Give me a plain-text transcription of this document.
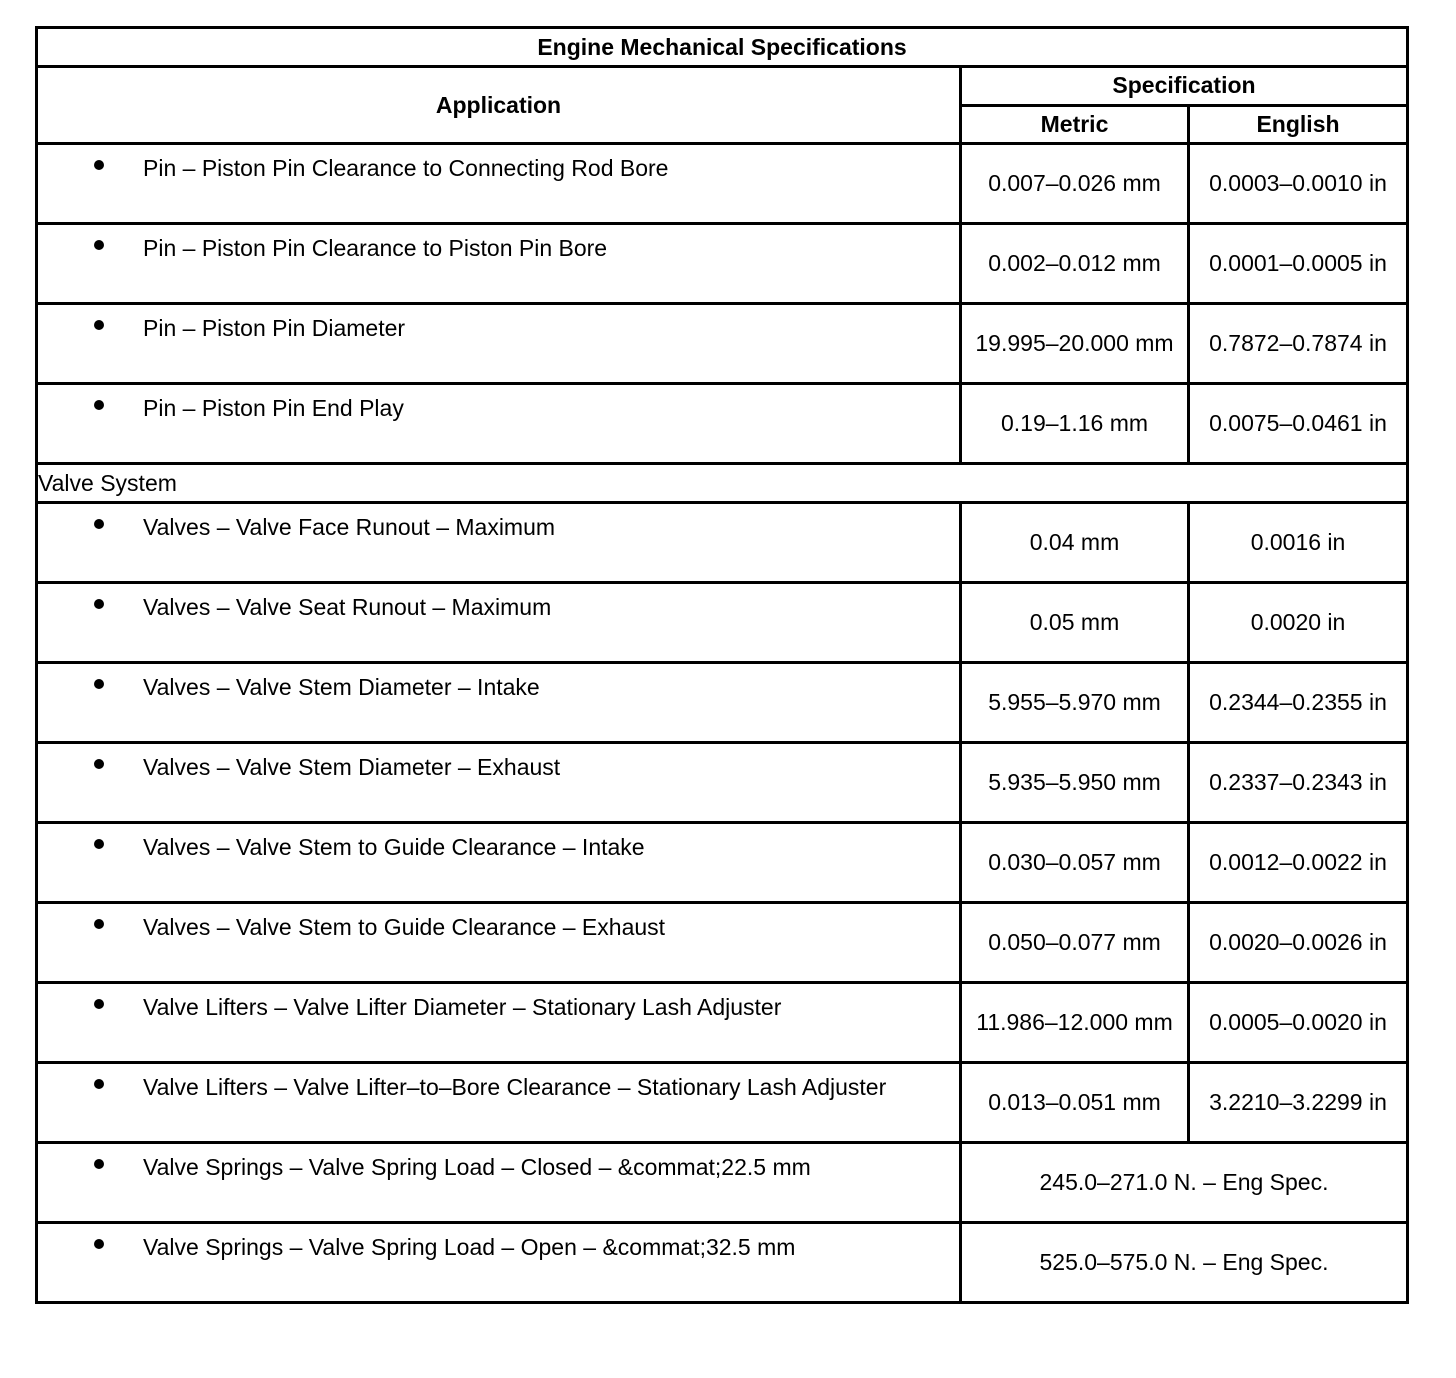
Engine Mechanical Specifications		
Application	Specification	
	Metric	English

Pin – Piston Pin Clearance to Connecting Rod Bore	0.007–0.026 mm	0.0003–0.0010 in

Pin – Piston Pin Clearance to Piston Pin Bore	0.002–0.012 mm	0.0001–0.0005 in

Pin – Piston Pin Diameter	19.995–20.000 mm	0.7872–0.7874 in

Pin – Piston Pin End Play	0.19–1.16 mm	0.0075–0.0461 in
Valve System		

Valves – Valve Face Runout – Maximum	0.04 mm	0.0016 in

Valves – Valve Seat Runout – Maximum	0.05 mm	0.0020 in

Valves – Valve Stem Diameter – Intake	5.955–5.970 mm	0.2344–0.2355 in

Valves – Valve Stem Diameter – Exhaust	5.935–5.950 mm	0.2337–0.2343 in

Valves – Valve Stem to Guide Clearance – Intake	0.030–0.057 mm	0.0012–0.0022 in

Valves – Valve Stem to Guide Clearance – Exhaust	0.050–0.077 mm	0.0020–0.0026 in

Valve Lifters – Valve Lifter Diameter – Stationary Lash Adjuster	11.986–12.000 mm	0.0005–0.0020 in

Valve Lifters – Valve Lifter–to–Bore Clearance – Stationary Lash Adjuster	0.013–0.051 mm	3.2210–3.2299 in

Valve Springs – Valve Spring Load – Closed – &commat;22.5 mm	245.0–271.0 N. – Eng Spec.	

Valve Springs – Valve Spring Load – Open – &commat;32.5 mm	525.0–575.0 N. – Eng Spec.	
